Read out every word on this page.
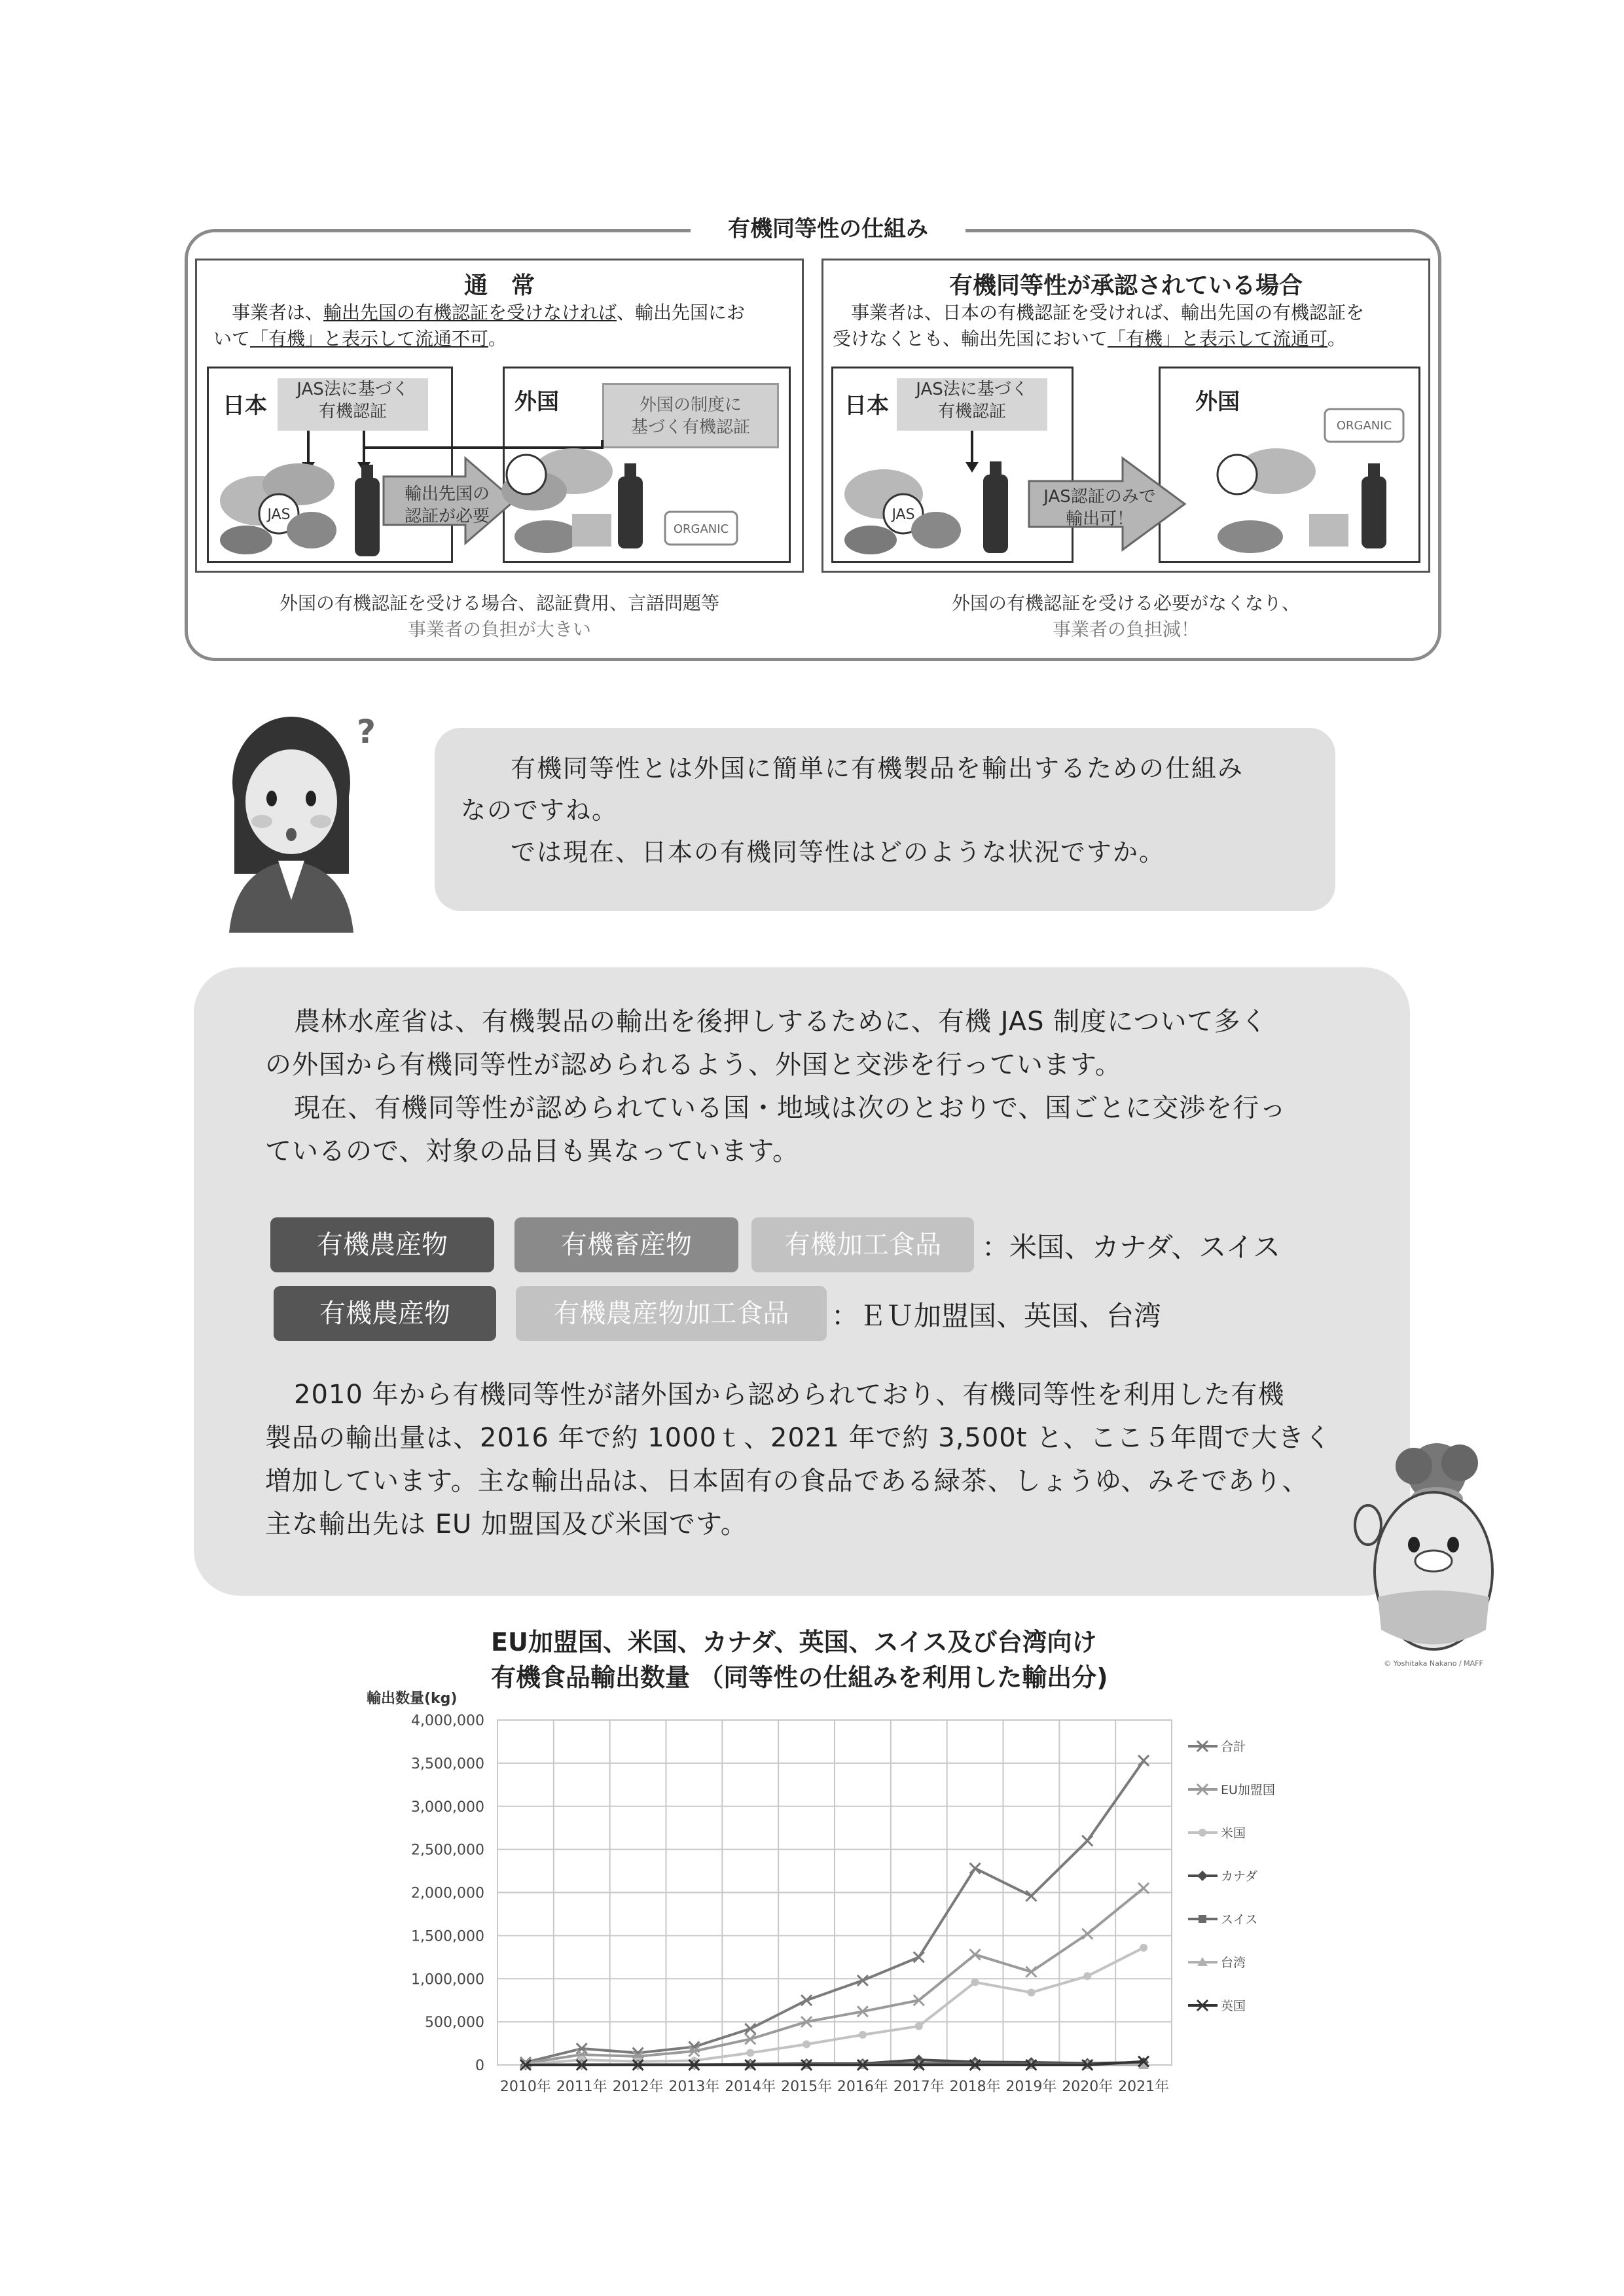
有機同等性の仕組み
通　常
事業者は、輸出先国の有機認証を受けなければ、輸出先国にお
いて「有機」と表示して流通不可。
日本	外国
JAS法に基づく
有機認証	外国の制度に
基づく有機認証
JAS
ORGANIC
輸出先国の
認証が必要
外国の有機認証を受ける場合、認証費用、言語問題等
事業者の負担が大きい
有機同等性が承認されている場合
事業者は、日本の有機認証を受ければ、輸出先国の有機認証を
受けなくとも、輸出先国において「有機」と表示して流通可。
日本	外国
JAS法に基づく
有機認証
JAS
ORGANIC
JAS認証のみで
輸出可！
外国の有機認証を受ける必要がなくなり、
事業者の負担減！
?

有機同等性とは外国に簡単に有機製品を輸出するための仕組み

なのですね。

では現在、日本の有機同等性はどのような状況ですか。

農林水産省は、有機製品の輸出を後押しするために、有機 JAS 制度について多く
の外国から有機同等性が認められるよう、外国と交渉を行っています。
現在、有機同等性が認められている国・地域は次のとおりで、国ごとに交渉を行っ
ているので、対象の品目も異なっています。
有機農産物	有機畜産物	有機加工食品	：米国、カナダ、スイス
有機農産物	有機農産物加工食品	：ＥＵ加盟国、英国、台湾
2010 年から有機同等性が諸外国から認められており、有機同等性を利用した有機
製品の輸出量は、2016 年で約 1000ｔ、2021 年で約 3,500t と、ここ５年間で大きく
増加しています。主な輸出品は、日本固有の食品である緑茶、しょうゆ、みそであり、
主な輸出先は EU 加盟国及び米国です。
© Yoshitaka Nakano / MAFF
EU加盟国、米国、カナダ、英国、スイス及び台湾向け
有機食品輸出数量 （同等性の仕組みを利用した輸出分)
輸出数量(kg)
4,000,000
3,500,000
3,000,000
2,500,000
2,000,000
1,500,000
1,000,000
500,000
0
2010年 2011年 2012年 2013年 2014年 2015年 2016年 2017年 2018年 2019年 2020年 2021年
合計
EU加盟国
米国
カナダ
スイス
台湾
英国
